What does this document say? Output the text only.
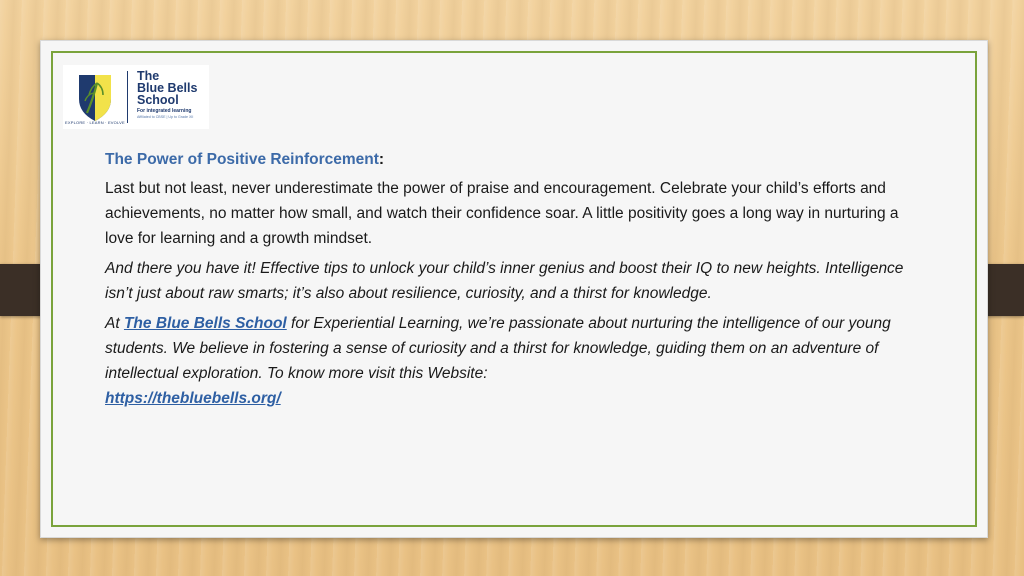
EXPLORE · LEARN · EVOLVE
The
Blue Bells
School
For integrated learning
Affiliated to CBSE | Up to Grade XII
The Power of Positive Reinforcement:

Last but not least, never underestimate the power of praise and encouragement. Celebrate your child’s efforts and achievements, no matter how small, and watch their confidence soar. A little positivity goes a long way in nurturing a love for learning and a growth mindset.

And there you have it! Effective tips to unlock your child’s inner genius and boost their IQ to new heights. Intelligence isn’t just about raw smarts; it’s also about resilience, curiosity, and a thirst for knowledge.

At The Blue Bells School for Experiential Learning, we’re passionate about nurturing the intelligence of our young students. We believe in fostering a sense of curiosity and a thirst for knowledge, guiding them on an adventure of intellectual exploration. To know more visit this Website:
https://thebluebells.org/
